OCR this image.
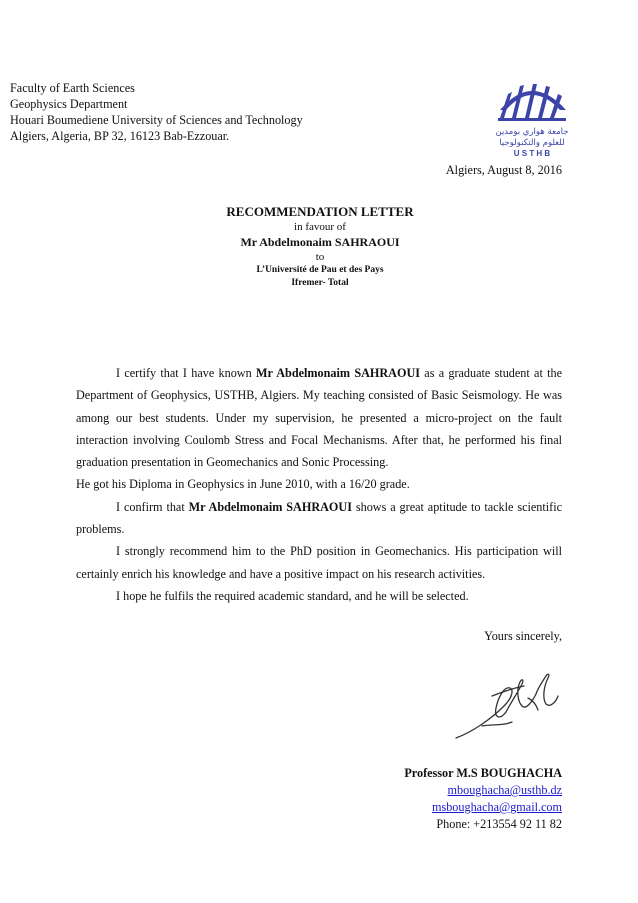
Faculty of Earth Sciences
Geophysics Department
Houari Boumediene University of Sciences and Technology
Algiers, Algeria, BP 32, 16123 Bab-Ezzouar.	جامعة هواري بومدين
للعلوم والتكنولوجيا
U S T H B
Algiers, August 8, 2016
RECOMMENDATION LETTER
in favour of
Mr Abdelmonaim SAHRAOUI
to
L’Université de Pau et des Pays
Ifremer- Total

I certify that I have known Mr Abdelmonaim SAHRAOUI as a graduate student at the Department of Geophysics, USTHB, Algiers. My teaching consisted of Basic Seismology. He was among our best students. Under my supervision, he presented a micro-project on the fault interaction involving Coulomb Stress and Focal Mechanisms. After that, he performed his final graduation presentation in Geomechanics and Sonic Processing.

He got his Diploma in Geophysics in June 2010, with a 16/20 grade.

I confirm that Mr Abdelmonaim SAHRAOUI shows a great aptitude to tackle scientific problems.

I strongly recommend him to the PhD position in Geomechanics. His participation will certainly enrich his knowledge and have a positive impact on his research activities.

I hope he fulfils the required academic standard, and he will be selected.

Yours sincerely,
Professor M.S BOUGHACHA
mboughacha@usthb.dz
msboughacha@gmail.com
Phone: +213554 92 11 82
